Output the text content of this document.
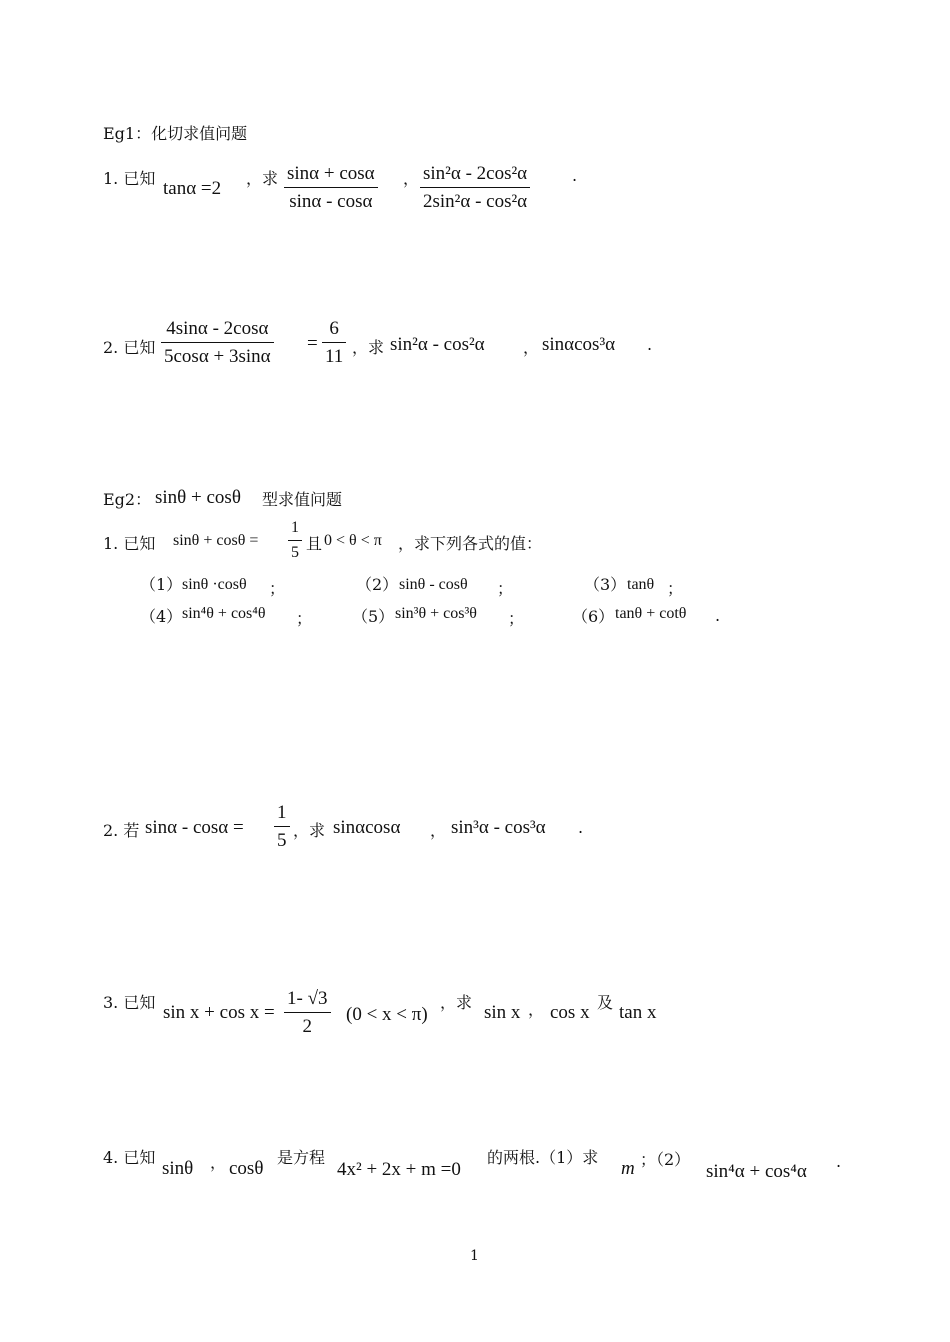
Eg1：化切求值问题
1. 已知 tanα =2 ，求 $\frac{\sin\alpha + \cos\alpha}{\sin\alpha - \cos\alpha}$ ， $\frac{\text{sin²α - 2cos²α}}{\text{2sin²α - cos²α}}$	.
2. 已知 $\frac{4\sin\alpha - 2\cos\alpha}{5\cos\alpha + 3\sin\alpha} = \frac{6}{11}$ ，求 sin²α - cos²α ， sinαcos³α .
Eg2： sinθ + cosθ 型求值问题
1. 已知 $\sin\theta + \cos\theta = \frac{1}{5}$ 且 0 < θ < π ，求下列各式的值：
（1） sinθ ·cosθ ；	（2） sinθ - cosθ ；	（3） tanθ ；
（4） sin⁴θ + cos⁴θ ； （5） sin³θ + cos³θ ；	（6） tanθ + cotθ .
2. 若 $\sin\alpha - \cos\alpha = \frac{1}{5}$ ，求 sinαcosα ， sin³α - cos³α .
3. 已知 $\sin x + \cos x = \frac{1- √3}{2} (0 < x < \pi)$
，求 sin x ， cos x 及 tan x
4. 已知
sinθ ， cosθ
是方程
4x² + 2x + m =0
的两根.（1）求
m ；（2）
sin⁴α + cos⁴α .
1
